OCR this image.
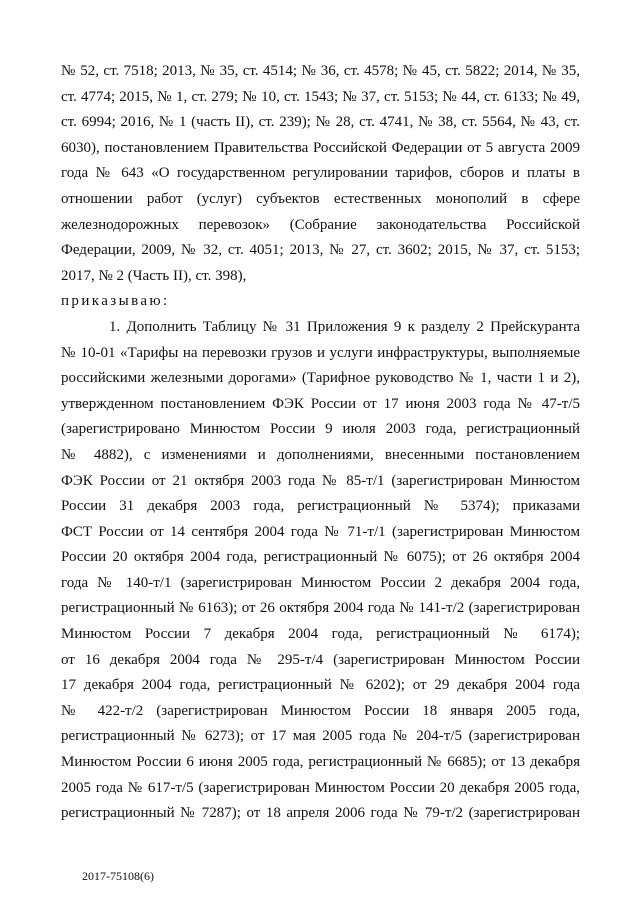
№ 52, ст. 7518; 2013, № 35, ст. 4514; № 36, ст. 4578; № 45, ст. 5822; 2014, № 35,
ст. 4774; 2015, № 1, ст. 279; № 10, ст. 1543; № 37, ст. 5153; № 44, ст. 6133; № 49,
ст. 6994; 2016, № 1 (часть II), ст. 239); № 28, ст. 4741, № 38, ст. 5564, № 43, ст.
6030), постановлением Правительства Российской Федерации от 5 августа 2009
года № 643 «О государственном регулировании тарифов, сборов и платы в
отношении работ (услуг) субъектов естественных монополий в сфере
железнодорожных перевозок» (Собрание законодательства Российской
Федерации, 2009, № 32, ст. 4051; 2013, № 27, ст. 3602; 2015, № 37, ст. 5153;
2017, № 2 (Часть II), ст. 398),
приказываю:
1. Дополнить Таблицу № 31 Приложения 9 к разделу 2 Прейскуранта
№ 10-01 «Тарифы на перевозки грузов и услуги инфраструктуры, выполняемые
российскими железными дорогами» (Тарифное руководство № 1, части 1 и 2),
утвержденном постановлением ФЭК России от 17 июня 2003 года № 47-т/5
(зарегистрировано Минюстом России 9 июля 2003 года, регистрационный
№ 4882), с изменениями и дополнениями, внесенными постановлением
ФЭК России от 21 октября 2003 года № 85-т/1 (зарегистрирован Минюстом
России 31 декабря 2003 года, регистрационный № 5374); приказами
ФСТ России от 14 сентября 2004 года № 71-т/1 (зарегистрирован Минюстом
России 20 октября 2004 года, регистрационный № 6075); от 26 октября 2004
года № 140-т/1 (зарегистрирован Минюстом России 2 декабря 2004 года,
регистрационный № 6163); от 26 октября 2004 года № 141-т/2 (зарегистрирован
Минюстом России 7 декабря 2004 года, регистрационный № 6174);
от 16 декабря 2004 года № 295-т/4 (зарегистрирован Минюстом России
17 декабря 2004 года, регистрационный № 6202); от 29 декабря 2004 года
№ 422-т/2 (зарегистрирован Минюстом России 18 января 2005 года,
регистрационный № 6273); от 17 мая 2005 года № 204-т/5 (зарегистрирован
Минюстом России 6 июня 2005 года, регистрационный № 6685); от 13 декабря
2005 года № 617-т/5 (зарегистрирован Минюстом России 20 декабря 2005 года,
регистрационный № 7287); от 18 апреля 2006 года № 79-т/2 (зарегистрирован
2017-75108(6)
